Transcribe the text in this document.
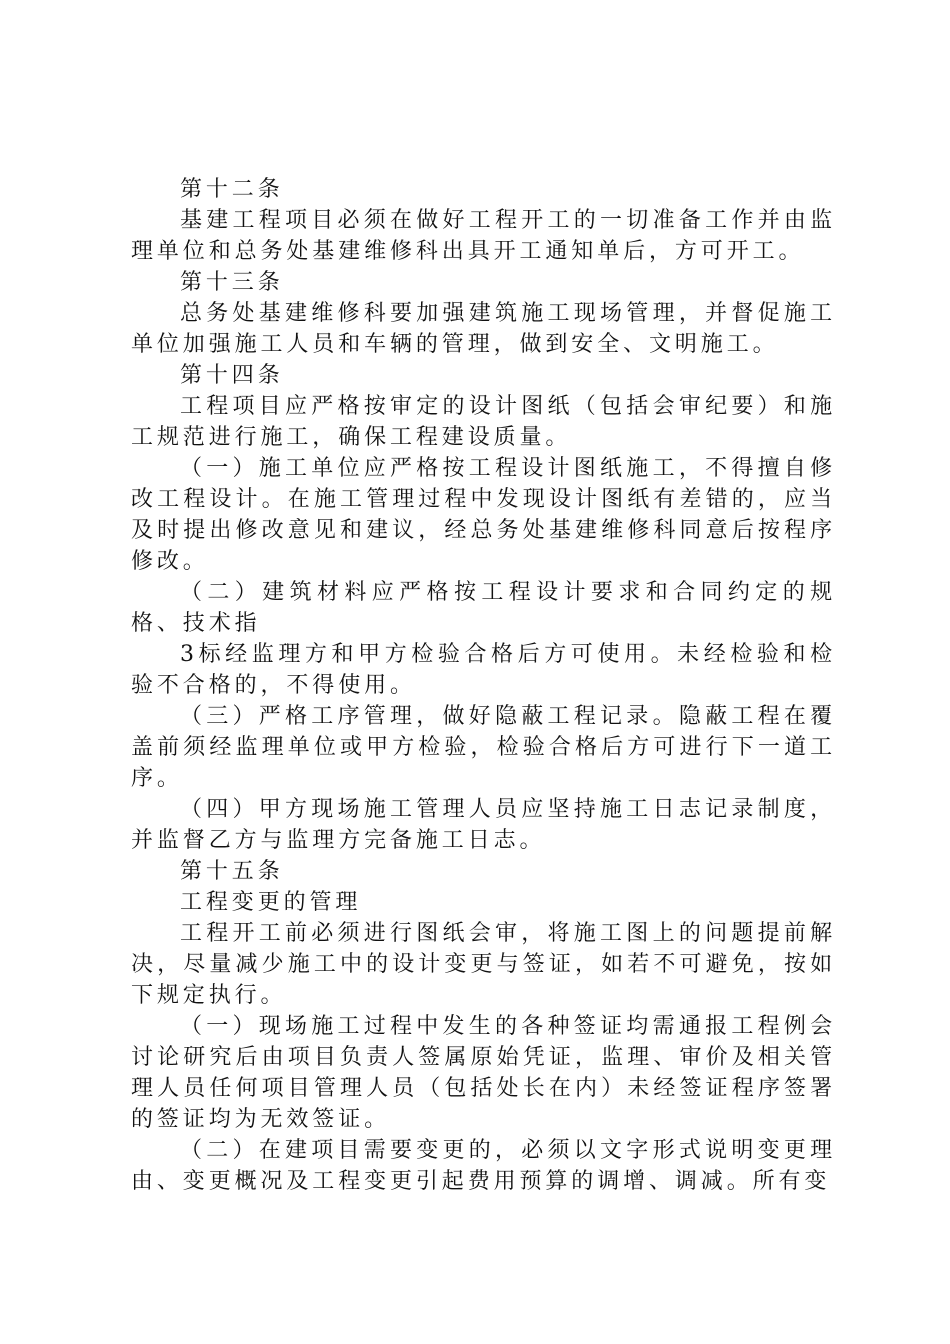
第十二条

基建工程项目必须在做好工程开工的一切准备工作并由监理单位和总务处基建维修科出具开工通知单后，方可开工。

第十三条

总务处基建维修科要加强建筑施工现场管理，并督促施工单位加强施工人员和车辆的管理，做到安全、文明施工。

第十四条

工程项目应严格按审定的设计图纸（包括会审纪要）和施工规范进行施工，确保工程建设质量。

（一）施工单位应严格按工程设计图纸施工，不得擅自修改工程设计。在施工管理过程中发现设计图纸有差错的，应当及时提出修改意见和建议，经总务处基建维修科同意后按程序修改。

（二）建筑材料应严格按工程设计要求和合同约定的规格、技术指

3标经监理方和甲方检验合格后方可使用。未经检验和检验不合格的，不得使用。

（三）严格工序管理，做好隐蔽工程记录。隐蔽工程在覆盖前须经监理单位或甲方检验，检验合格后方可进行下一道工序。

（四）甲方现场施工管理人员应坚持施工日志记录制度，并监督乙方与监理方完备施工日志。

第十五条

工程变更的管理

工程开工前必须进行图纸会审，将施工图上的问题提前解决，尽量减少施工中的设计变更与签证，如若不可避免，按如下规定执行。

（一）现场施工过程中发生的各种签证均需通报工程例会讨论研究后由项目负责人签属原始凭证，监理、审价及相关管理人员任何项目管理人员（包括处长在内）未经签证程序签署的签证均为无效签证。

（二）在建项目需要变更的，必须以文字形式说明变更理由、变更概况及工程变更引起费用预算的调增、调减。所有变
